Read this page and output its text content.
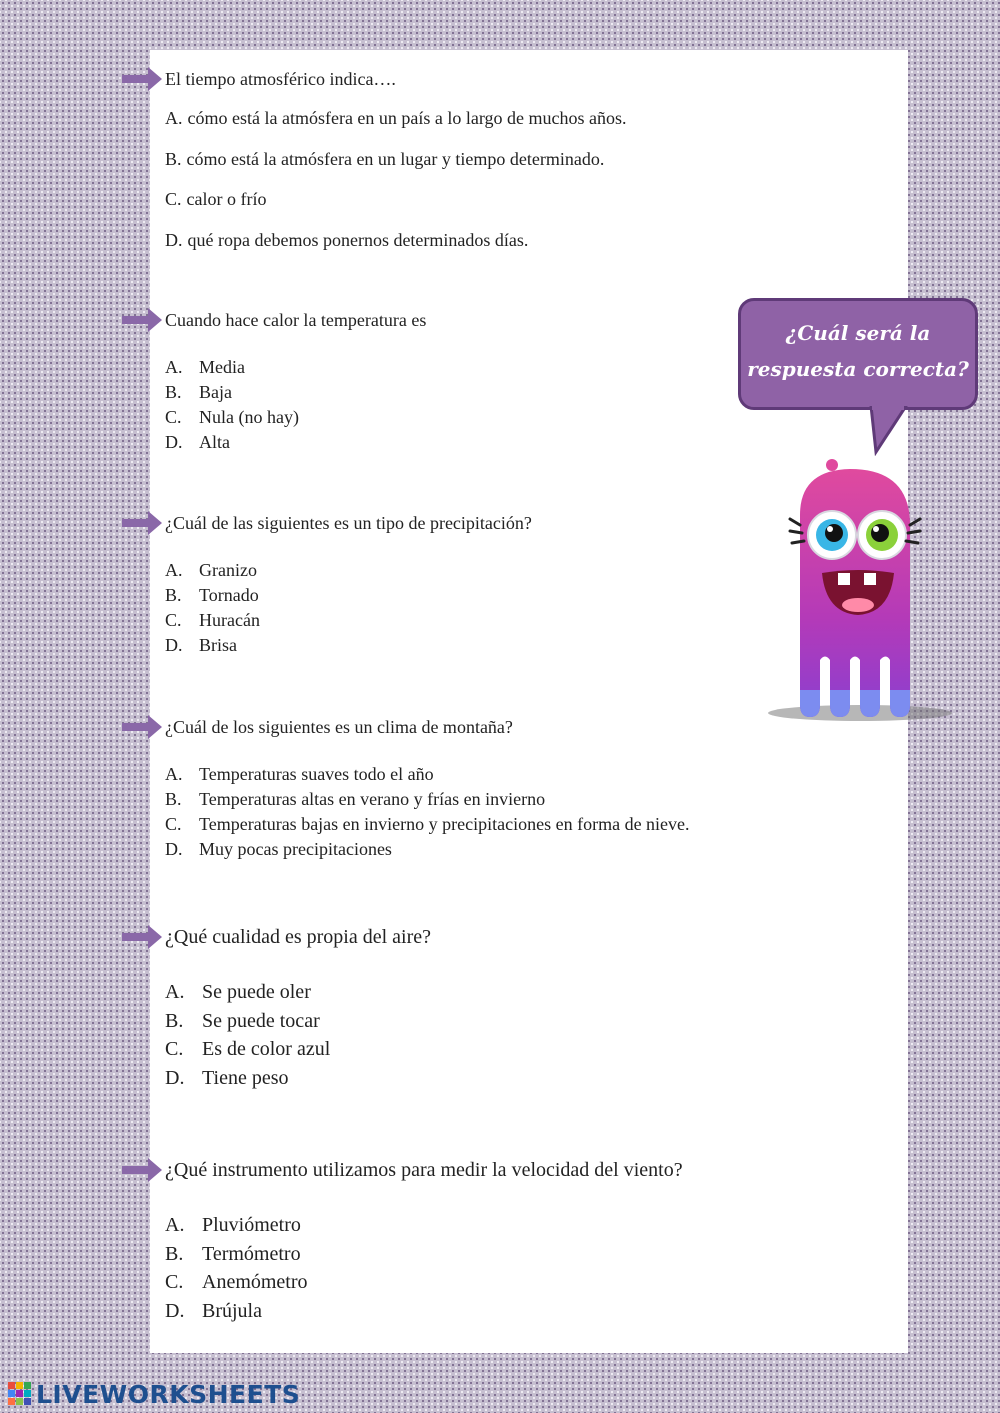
El tiempo atmosférico indica….
A. cómo está la atmósfera en un país a lo largo de muchos años.
B. cómo está la atmósfera en un lugar y tiempo determinado.
C. calor o frío
D. qué ropa debemos ponernos determinados días.
Cuando hace calor la temperatura es
A. Media
B. Baja
C. Nula (no hay)
D. Alta
¿Cuál de las siguientes es un tipo de precipitación?
A. Granizo
B. Tornado
C. Huracán
D. Brisa
¿Cuál de los siguientes es un clima de montaña?
A. Temperaturas suaves todo el año
B. Temperaturas altas en verano y frías en invierno
C. Temperaturas bajas en invierno y precipitaciones en forma de nieve.
D. Muy pocas precipitaciones
¿Qué cualidad es propia del aire?
A. Se puede oler
B. Se puede tocar
C. Es de color azul
D. Tiene peso
¿Qué instrumento utilizamos para medir la velocidad del viento?
A. Pluviómetro
B. Termómetro
C. Anemómetro
D. Brújula
¿Cuál será la
respuesta correcta?
LIVEWORKSHEETS
